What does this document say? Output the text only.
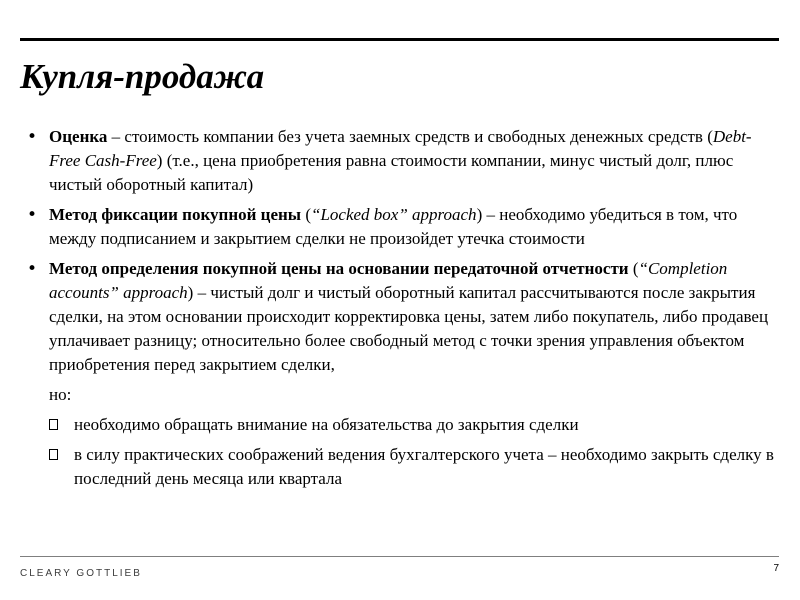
Купля-продажа
• Оценка – стоимость компании без учета заемных средств и свободных денежных средств (Debt-Free Cash-Free) (т.е., цена приобретения равна стоимости компании, минус чистый долг, плюс чистый оборотный капитал)
• Метод фиксации покупной цены (“Locked box” approach) – необходимо убедиться в том, что между подписанием и закрытием сделки не произойдет утечка стоимости
• Метод определения покупной цены на основании передаточной отчетности (“Completion accounts” approach) – чистый долг и чистый оборотный капитал рассчитываются после закрытия сделки, на этом основании происходит корректировка цены, затем либо покупатель, либо продавец уплачивает разницу; относительно более свободный метод с точки зрения управления объектом приобретения перед закрытием сделки,
но:
необходимо обращать внимание на обязательства до закрытия сделки
в силу практических соображений ведения бухгалтерского учета – необходимо закрыть сделку в последний день месяца или квартала
CLEARY GOTTLIEB	7
